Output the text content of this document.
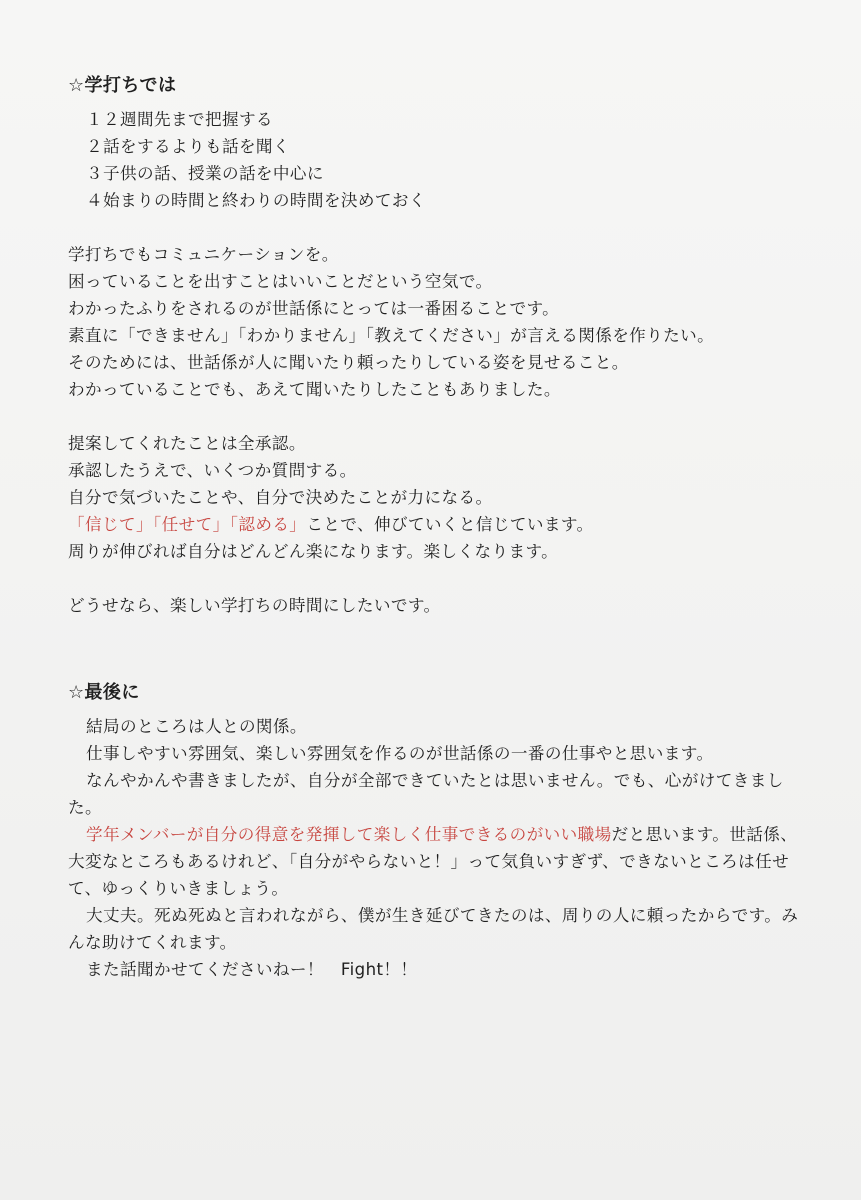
☆学打ちでは

１２週間先まで把握する

２話をするよりも話を聞く

３子供の話、授業の話を中心に

４始まりの時間と終わりの時間を決めておく

学打ちでもコミュニケーションを。

困っていることを出すことはいいことだという空気で。

わかったふりをされるのが世話係にとっては一番困ることです。

素直に「できません」「わかりません」「教えてください」が言える関係を作りたい。

そのためには、世話係が人に聞いたり頼ったりしている姿を見せること。

わかっていることでも、あえて聞いたりしたこともありました。

提案してくれたことは全承認。

承認したうえで、いくつか質問する。

自分で気づいたことや、自分で決めたことが力になる。

「信じて」「任せて」「認める」ことで、伸びていくと信じています。

周りが伸びれば自分はどんどん楽になります。楽しくなります。

どうせなら、楽しい学打ちの時間にしたいです。

☆最後に

結局のところは人との関係。

仕事しやすい雰囲気、楽しい雰囲気を作るのが世話係の一番の仕事やと思います。

なんやかんや書きましたが、自分が全部できていたとは思いません。でも、心がけてきました。

学年メンバーが自分の得意を発揮して楽しく仕事できるのがいい職場だと思います。世話係、大変なところもあるけれど、「自分がやらないと！」って気負いすぎず、できないところは任せて、ゆっくりいきましょう。

大丈夫。死ぬ死ぬと言われながら、僕が生き延びてきたのは、周りの人に頼ったからです。みんな助けてくれます。

また話聞かせてくださいねー！　Fight！！
